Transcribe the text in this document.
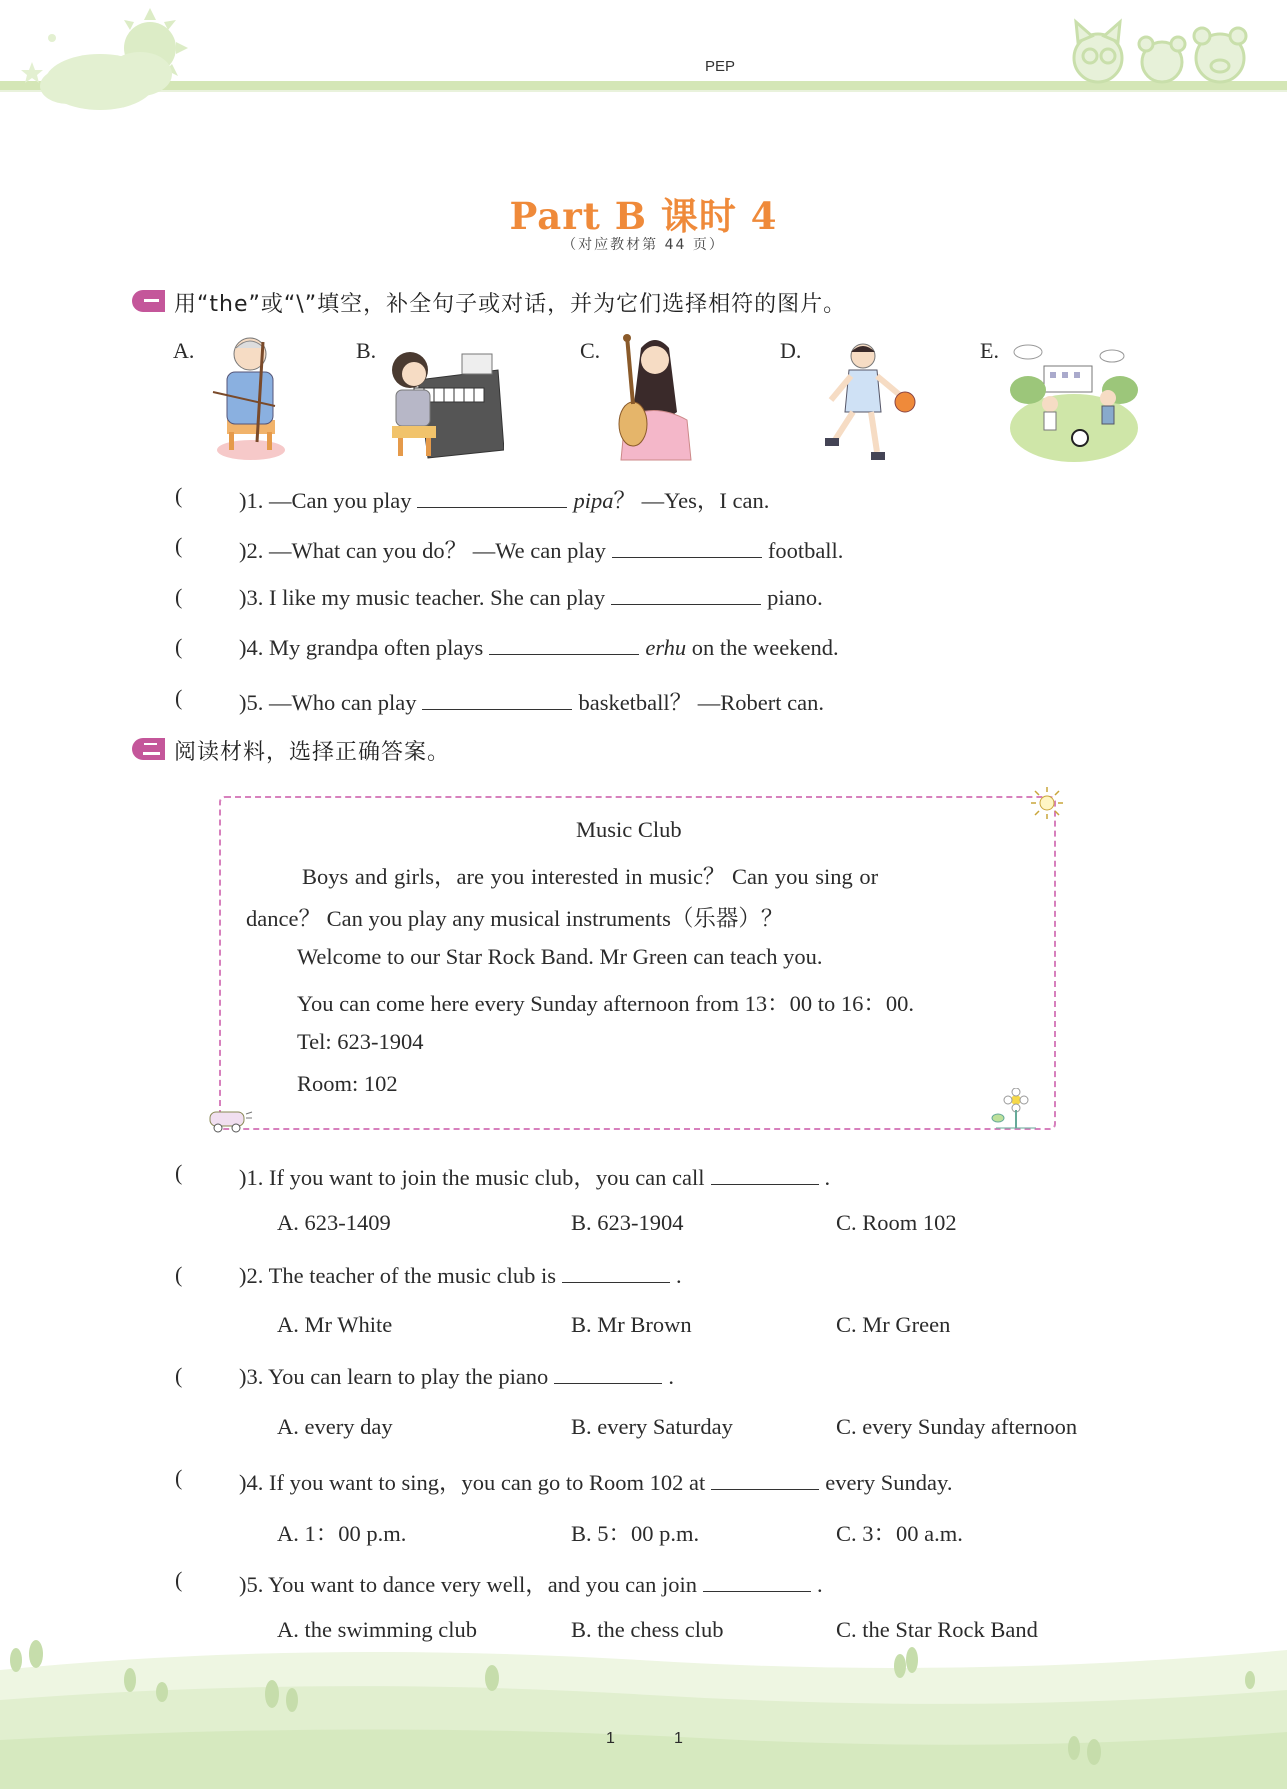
PEP
Part B 课时 4
（对应教材第 44 页）
用“the”或“\”填空，补全句子或对话，并为它们选择相符的图片。
A.	B.	C.	D.	E.
(	)1. —Can you play	pipa？ —Yes，I can.
(	)2. —What can you do？ —We can play	football.
(	)3. I like my music teacher. She can play	piano.
(	)4. My grandpa often plays	erhu on the weekend.
(	)5. —Who can play	basketball？ —Robert can.
阅读材料，选择正确答案。
Music Club
Boys and girls，are you interested in music？ Can you sing or
dance？ Can you play any musical instruments（乐器）？
Welcome to our Star Rock Band. Mr Green can teach you.
You can come here every Sunday afternoon from 13：00 to 16：00.
Tel: 623-1904
Room: 102
(	)1. If you want to join the music club，you can call	.
A. 623-1409	B. 623-1904	C. Room 102
(	)2. The teacher of the music club is	.
A. Mr White	B. Mr Brown	C. Mr Green
(	)3. You can learn to play the piano	.
A. every day	B. every Saturday	C. every Sunday afternoon
(	)4. If you want to sing，you can go to Room 102 at	every Sunday.
A. 1：00 p.m.	B. 5：00 p.m.	C. 3：00 a.m.
(	)5. You want to dance very well，and you can join	.
A. the swimming club	B. the chess club	C. the Star Rock Band
1	1
